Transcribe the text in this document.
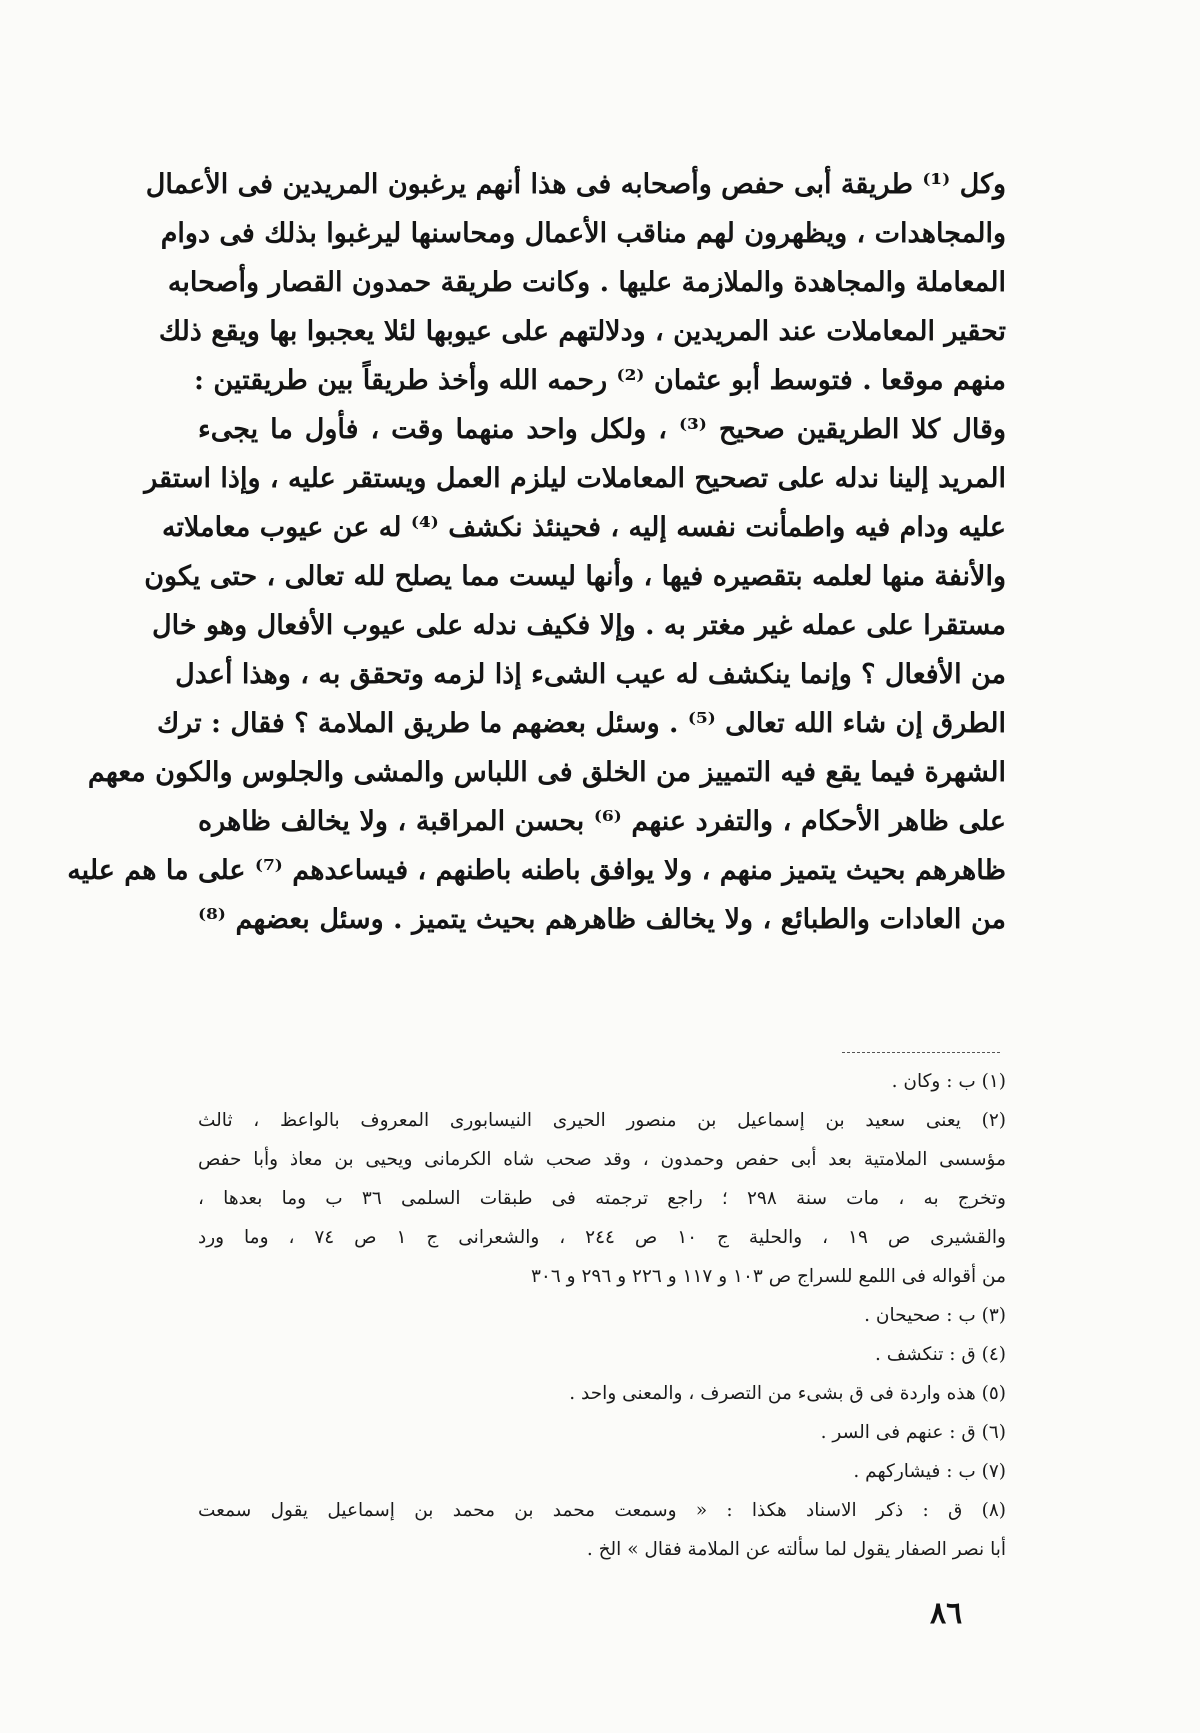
وكل ⁽¹⁾ طريقة أبى حفص وأصحابه فى هذا أنهم يرغبون المريدين فى الأعمال
والمجاهدات ، ويظهرون لهم مناقب الأعمال ومحاسنها ليرغبوا بذلك فى دوام
المعاملة والمجاهدة والملازمة عليها . وكانت طريقة حمدون القصار وأصحابه
تحقير المعاملات عند المريدين ، ودلالتهم على عيوبها لئلا يعجبوا بها ويقع ذلك
منهم موقعا . فتوسط أبو عثمان ⁽²⁾ رحمه الله وأخذ طريقاً بين طريقتين :
وقال كلا الطريقين صحيح ⁽³⁾ ، ولكل واحد منهما وقت ، فأول ما يجىء
المريد إلينا ندله على تصحيح المعاملات ليلزم العمل ويستقر عليه ، وإذا استقر
عليه ودام فيه واطمأنت نفسه إليه ، فحينئذ نكشف ⁽⁴⁾ له عن عيوب معاملاته
والأنفة منها لعلمه بتقصيره فيها ، وأنها ليست مما يصلح لله تعالى ، حتى يكون
مستقرا على عمله غير مغتر به . وإلا فكيف ندله على عيوب الأفعال وهو خال
من الأفعال ؟ وإنما ينكشف له عيب الشىء إذا لزمه وتحقق به ، وهذا أعدل
الطرق إن شاء الله تعالى ⁽⁵⁾ . وسئل بعضهم ما طريق الملامة ؟ فقال : ترك
الشهرة فيما يقع فيه التمييز من الخلق فى اللباس والمشى والجلوس والكون معهم
على ظاهر الأحكام ، والتفرد عنهم ⁽⁶⁾ بحسن المراقبة ، ولا يخالف ظاهره
ظاهرهم بحيث يتميز منهم ، ولا يوافق باطنه باطنهم ، فيساعدهم ⁽⁷⁾ على ما هم عليه
من العادات والطبائع ، ولا يخالف ظاهرهم بحيث يتميز . وسئل بعضهم ⁽⁸⁾
(١) ب : وكان .
(٢) يعنى سعيد بن إسماعيل بن منصور الحيرى النيسابورى المعروف بالواعظ ، ثالث
مؤسسى الملامتية بعد أبى حفص وحمدون ، وقد صحب شاه الكرمانى ويحيى بن معاذ وأبا حفص
وتخرج به ، مات سنة ٢٩٨ ؛ راجع ترجمته فى طبقات السلمى ٣٦ ب وما بعدها ،
والقشيرى ص ١٩ ، والحلية ج ١٠ ص ٢٤٤ ، والشعرانى ج ١ ص ٧٤ ، وما ورد
من أقواله فى اللمع للسراج ص ١٠٣ و ١١٧ و ٢٢٦ و ٢٩٦ و ٣٠٦
(٣) ب : صحيحان .
(٤) ق : تنكشف .
(٥) هذه واردة فى ق بشىء من التصرف ، والمعنى واحد .
(٦) ق : عنهم فى السر .
(٧) ب : فيشاركهم .
(٨) ق : ذكر الاسناد هكذا : « وسمعت محمد بن محمد بن إسماعيل يقول سمعت
أبا نصر الصفار يقول لما سألته عن الملامة فقال » الخ .
٨٦
